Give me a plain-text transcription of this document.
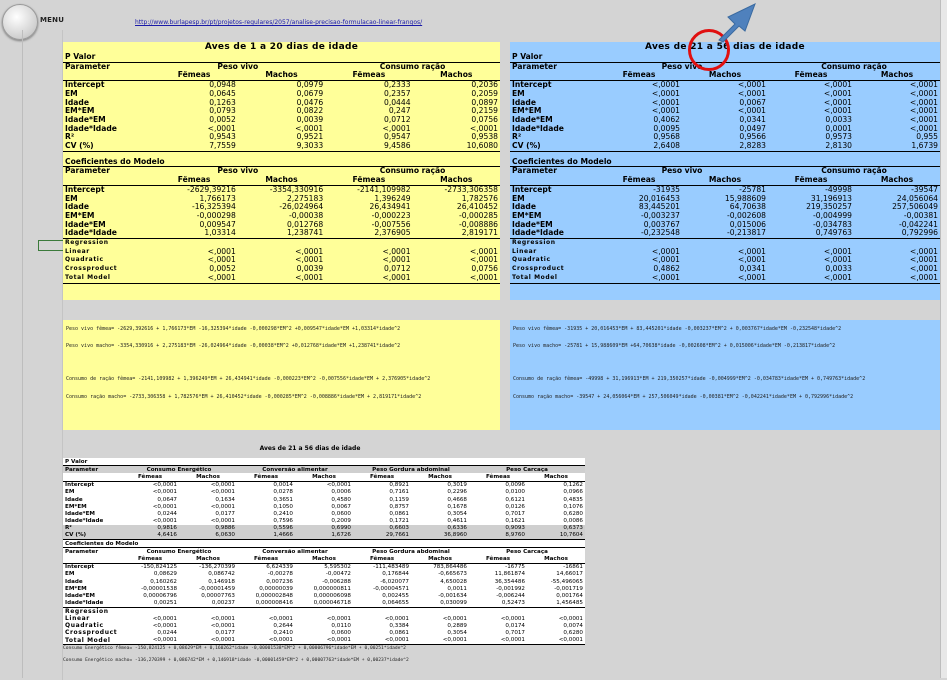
MENU	http://www.burlapesp.br/pt/projetos-regulares/2057/analise-precisao-formulacao-linear-frangos/
Aves de 1 a 20 dias de idade
P Valor				
Parameter	Peso vivo		Consumo ração	
	Fêmeas	Machos	Fêmeas	Machos
Intercept	0,0948	0,0979	0,2333	0,2036
EM	0,0645	0,0679	0,2357	0,2059
Idade	0,1263	0,0476	0,0444	0,0897
EM*EM	0,0793	0,0822	0,247	0,2159
Idade*EM	0,0052	0,0039	0,0712	0,0756
Idade*Idade	<,0001	<,0001	<,0001	<,0001
R²	0,9543	0,9521	0,9547	0,9538
CV (%)	7,7559	9,3033	9,4586	10,6080

Coeficientes do Modelo				
Parameter	Peso vivo		Consumo ração	
	Fêmeas	Machos	Fêmeas	Machos
Intercept	-2629,39216	-3354,330916	-2141,109982	-2733,306358
EM	1,766173	2,275183	1,396249	1,782576
Idade	-16,325394	-26,024964	26,434941	26,410452
EM*EM	-0,000298	-0,00038	-0,000223	-0,000285
Idade*EM	0,009547	0,012768	-0,007556	-0,008886
Idade*Idade	1,03314	1,238741	2,376905	2,819171
Regression				
Linear	<,0001	<,0001	<,0001	<,0001
Quadratic	<,0001	<,0001	<,0001	<,0001
Crossproduct	0,0052	0,0039	0,0712	0,0756
Total Model	<,0001	<,0001	<,0001	<,0001
Aves de 21 a 56 dias de idade
P Valor				
Parameter	Peso vivo		Consumo ração	
	Fêmeas	Machos	Fêmeas	Machos
Intercept	<,0001	<,0001	<,0001	<,0001
EM	<,0001	<,0001	<,0001	<,0001
Idade	<,0001	0,0067	<,0001	<,0001
EM*EM	<,0001	<,0001	<,0001	<,0001
Idade*EM	0,4062	0,0341	0,0033	<,0001
Idade*Idade	0,0095	0,0497	0,0001	<,0001
R²	0,9568	0,9566	0,9573	0,955
CV (%)	2,6408	2,8283	2,8130	1,6739

Coeficientes do Modelo				
Parameter	Peso vivo		Consumo ração	
	Fêmeas	Machos	Fêmeas	Machos
Intercept	-31935	-25781	-49998	-39547
EM	20,016453	15,988609	31,196913	24,056064
Idade	83,445201	64,70638	219,350257	257,506049
EM*EM	-0,003237	-0,002608	-0,004999	-0,00381
Idade*EM	0,003767	0,015006	-0,034783	-0,042241
Idade*Idade	-0,232548	-0,213817	0,749763	0,792996
Regression				
Linear	<,0001	<,0001	<,0001	<,0001
Quadratic	<,0001	<,0001	<,0001	<,0001
Crossproduct	0,4862	0,0341	0,0033	<,0001
Total Model	<,0001	<,0001	<,0001	<,0001
Peso vivo fêmea= -2629,392616 + 1,766173*EM -16,325394*idade -0,000298*EM^2 +0,009547*idade*EM +1,03314*idade^2
Peso vivo macho= -3354,330916 + 2,275183*EM -26,024964*idade -0,00038*EM^2 +0,012768*idade*EM +1,238741*idade^2
Consumo de ração fêmea= -2141,109982 + 1,396249*EM + 26,434941*idade -0,000223*EM^2 -0,007556*idade*EM + 2,376905*idade^2
Consumo ração macho= -2733,306358 + 1,782576*EM + 26,410452*idade -0,000285*EM^2 -0,008886*idade*EM + 2,819171*idade^2
Peso vivo fêmea= -31935 + 20,016453*EM + 83,445201*idade -0,003237*EM^2 + 0,003767*idade*EM -0,232548*idade^2
Peso vivo macho= -25781 + 15,988609*EM +64,70638*idade -0,002608*EM^2 + 0,015006*idade*EM -0,213817*idade^2
Consumo de ração fêmea= -49998 + 31,196913*EM + 219,350257*idade -0,004999*EM^2 -0,034783*idade*EM + 0,749763*idade^2
Consumo ração macho= -39547 + 24,056064*EM + 257,506049*idade -0,00381*EM^2 -0,042241*idade*EM + 0,792996*idade^2
Aves de 21 a 56 dias de idade
P Valor								
Parameter	Consumo Energético		Conversão alimentar		Peso Gordura abdominal		Peso Carcaça	
	Fêmeas	Machos	Fêmeas	Machos	Fêmeas	Machos	Fêmeas	Machos
Intercept	<0,0001	<0,0001	0,0014	<0,0001	0,8921	0,3019	0,0096	0,1262
EM	<0,0001	<0,0001	0,0278	0,0006	0,7161	0,2296	0,0100	0,0966
Idade	0,0647	0,1634	0,3651	0,4580	0,1159	0,4668	0,6121	0,4835
EM*EM	<0,0001	<0,0001	0,1050	0,0067	0,8757	0,1678	0,0126	0,1076
Idade*EM	0,0244	0,0177	0,2410	0,0600	0,0861	0,3054	0,7017	0,6280
Idade*Idade	<0,0001	<0,0001	0,7596	0,2009	0,1721	0,4611	0,1621	0,0086
R²	0,9816	0,9886	0,5596	0,6990	0,6603	0,6336	0,9093	0,6373
CV (%)	4,6416	6,0630	1,4666	1,6726	29,7661	36,8960	8,9760	10,7604
Coeficientes do Modelo								
Parameter	Consumo Energético		Conversão alimentar		Peso Gordura abdominal		Peso Carcaça	
	Fêmeas	Machos	Fêmeas	Machos	Fêmeas	Machos	Fêmeas	Machos
Intercept	-150,824125	-136,270399	6,624339	5,595302	-111,483489	783,864486	-16775	-16861
EM	0,08629	0,086742	-0,00278	-0,00472	0,176844	-0,665673	11,861874	14,66017
Idade	0,160262	0,146918	0,007236	-0,006288	-6,020077	4,650028	36,354486	-55,496065
EM*EM	-0,00001538	-0,00001459	0,00000039	0,000000811	-0,00004571	0,0011	-0,001992	-0,001719
Idade*EM	0,00006796	0,00007763	0,000002848	0,000006098	0,002455	-0,001634	-0,006244	0,001764
Idade*Idade	0,00251	0,00237	0,000008416	0,000046718	0,064655	0,030099	0,52473	1,456485
Regression								
Linear	<0,0001	<0,0001	<0,0001	<0,0001	<0,0001	<0,0001	<0,0001	<0,0001
Quadratic	<0,0001	<0,0001	0,2644	0,0110	0,3384	0,2889	0,0174	0,0074
Crossproduct	0,0244	0,0177	0,2410	0,0600	0,0861	0,3054	0,7017	0,6280
Total Model	<0,0001	<0,0001	<0,0001	<0,0001	<0,0001	<0,0001	<0,0001	<0,0001
Consumo Energético fêmea= -150,824125 + 0,08629*EM + 0,160262*idade -0,00001538*EM^2 + 0,00006796*idade*EM + 0,00251*idade^2
Consumo Energético macho= -136,270399 + 0,086742*EM + 0,146918*idade -0,00001459*EM^2 + 0,00007763*idade*EM + 0,00237*idade^2
